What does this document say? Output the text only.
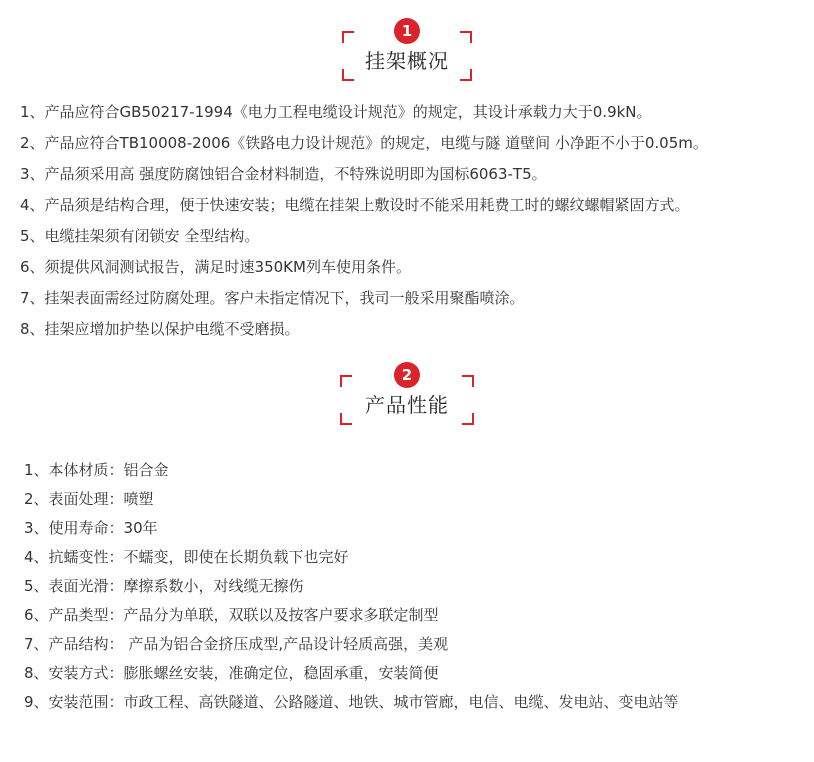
1
挂架概况
1、产品应符合GB50217-1994《电力工程电缆设计规范》的规定，其设计承载力大于0.9kN。
2、产品应符合TB10008-2006《铁路电力设计规范》的规定，电缆与隧 道壁间 小净距不小于0.05m。
3、产品须采用高 强度防腐蚀铝合金材料制造，不特殊说明即为国标6063-T5。
4、产品须是结构合理，便于快速安装；电缆在挂架上敷设时不能采用耗费工时的螺纹螺帽紧固方式。
5、电缆挂架须有闭锁安 全型结构。
6、须提供风洞测试报告，满足时速350KM列车使用条件。
7、挂架表面需经过防腐处理。客户未指定情况下，我司一般采用聚酯喷涂。
8、挂架应增加护垫以保护电缆不受磨损。
2
产品性能
1、本体材质：铝合金
2、表面处理：喷塑
3、使用寿命：30年
4、抗蠕变性：不蠕变，即使在长期负载下也完好
5、表面光滑：摩擦系数小，对线缆无擦伤
6、产品类型：产品分为单联，双联以及按客户要求多联定制型
7、产品结构： 产品为铝合金挤压成型,产品设计轻质高强，美观
8、安装方式：膨胀螺丝安装，准确定位，稳固承重，安装简便
9、安装范围：市政工程、高铁隧道、公路隧道、地铁、城市管廊，电信、电缆、发电站、变电站等
